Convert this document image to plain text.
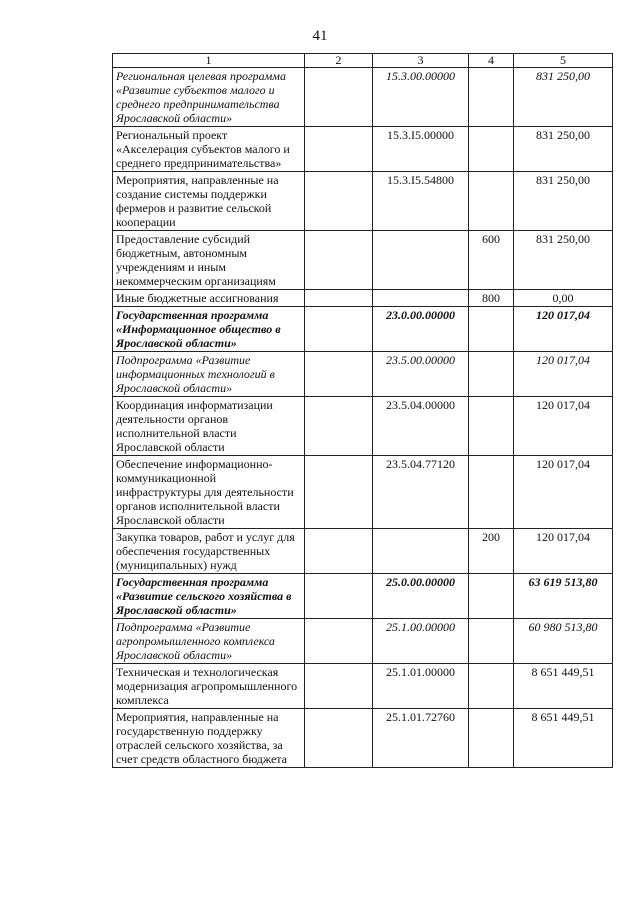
41
1	2	3	4	5
Региональная целевая программа «Развитие субъектов малого и среднего предпринимательства Ярославской области»		15.3.00.00000		831 250,00
Региональный проект «Акселерация субъектов малого и среднего предпринимательства»		15.3.I5.00000		831 250,00
Мероприятия, направленные на создание системы поддержки фермеров и развитие сельской кооперации		15.3.I5.54800		831 250,00
Предоставление субсидий бюджетным, автономным учреждениям и иным некоммерческим организациям			600	831 250,00
Иные бюджетные ассигнования			800	0,00
Государственная программа «Информационное общество в Ярославской области»		23.0.00.00000		120 017,04
Подпрограмма «Развитие информационных технологий в Ярославской области»		23.5.00.00000		120 017,04
Координация информатизации деятельности органов исполнительной власти Ярославской области		23.5.04.00000		120 017,04
Обеспечение информационно-коммуникационной инфраструктуры для деятельности органов исполнительной власти Ярославской области		23.5.04.77120		120 017,04
Закупка товаров, работ и услуг для обеспечения государственных (муниципальных) нужд			200	120 017,04
Государственная программа «Развитие сельского хозяйства в Ярославской области»		25.0.00.00000		63 619 513,80
Подпрограмма «Развитие агропромышленного комплекса Ярославской области»		25.1.00.00000		60 980 513,80
Техническая и технологическая модернизация агропромышленного комплекса		25.1.01.00000		8 651 449,51
Мероприятия, направленные на государственную поддержку отраслей сельского хозяйства, за счет средств областного бюджета		25.1.01.72760		8 651 449,51
